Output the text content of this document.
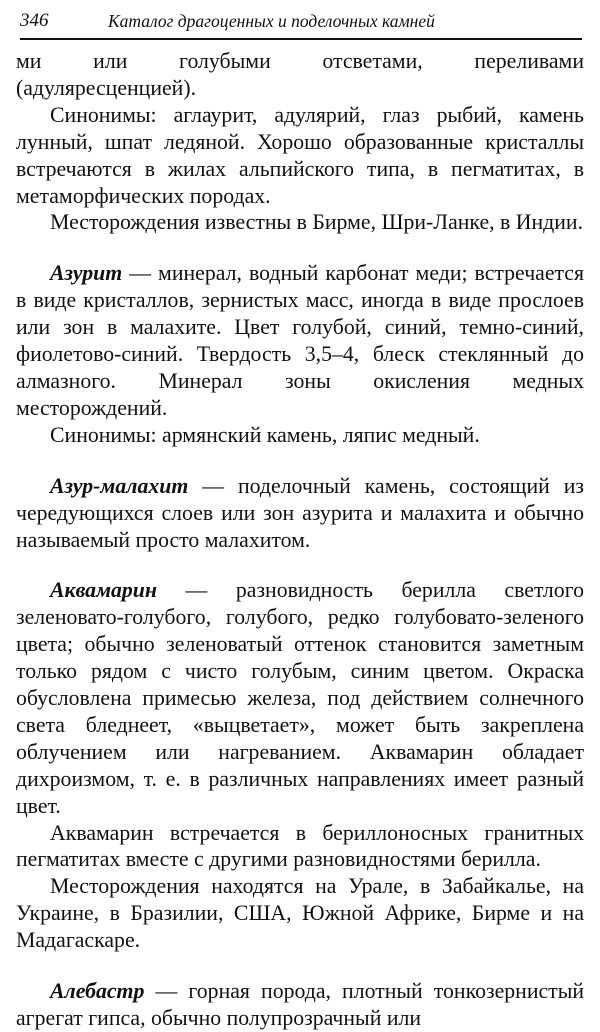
346	Каталог драгоценных и поделочных камней

ми или голубыми отсветами, переливами (адуляресценцией).

Синонимы: аглаурит, адулярий, глаз рыбий, камень лунный, шпат ледяной. Хорошо образованные кристаллы встречаются в жилах альпийского типа, в пегматитах, в метаморфических породах.

Месторождения известны в Бирме, Шри-Ланке, в Индии.

Азурит — минерал, водный карбонат меди; встречается в виде кристаллов, зернистых масс, иногда в виде прослоев или зон в малахите. Цвет голубой, синий, темно-синий, фиолетово-синий. Твердость 3,5–4, блеск стеклянный до алмазного. Минерал зоны окисления медных месторождений.

Синонимы: армянский камень, ляпис медный.

Азур-малахит — поделочный камень, состоящий из чередующихся слоев или зон азурита и малахита и обычно называемый просто малахитом.

Аквамарин — разновидность берилла светлого зеленовато-голубого, голубого, редко голубовато-зеленого цвета; обычно зеленоватый оттенок становится заметным только рядом с чисто голубым, синим цветом. Окраска обусловлена примесью железа, под действием солнечного света бледнеет, «выцветает», может быть закреплена облучением или нагреванием. Аквамарин обладает дихроизмом, т. е. в различных направлениях имеет разный цвет.

Аквамарин встречается в бериллоносных гранитных пегматитах вместе с другими разновидностями берилла.

Месторождения находятся на Урале, в Забайкалье, на Украине, в Бразилии, США, Южной Африке, Бирме и на Мадагаскаре.

Алебастр — горная порода, плотный тонкозернистый агрегат гипса, обычно полупрозрачный или
